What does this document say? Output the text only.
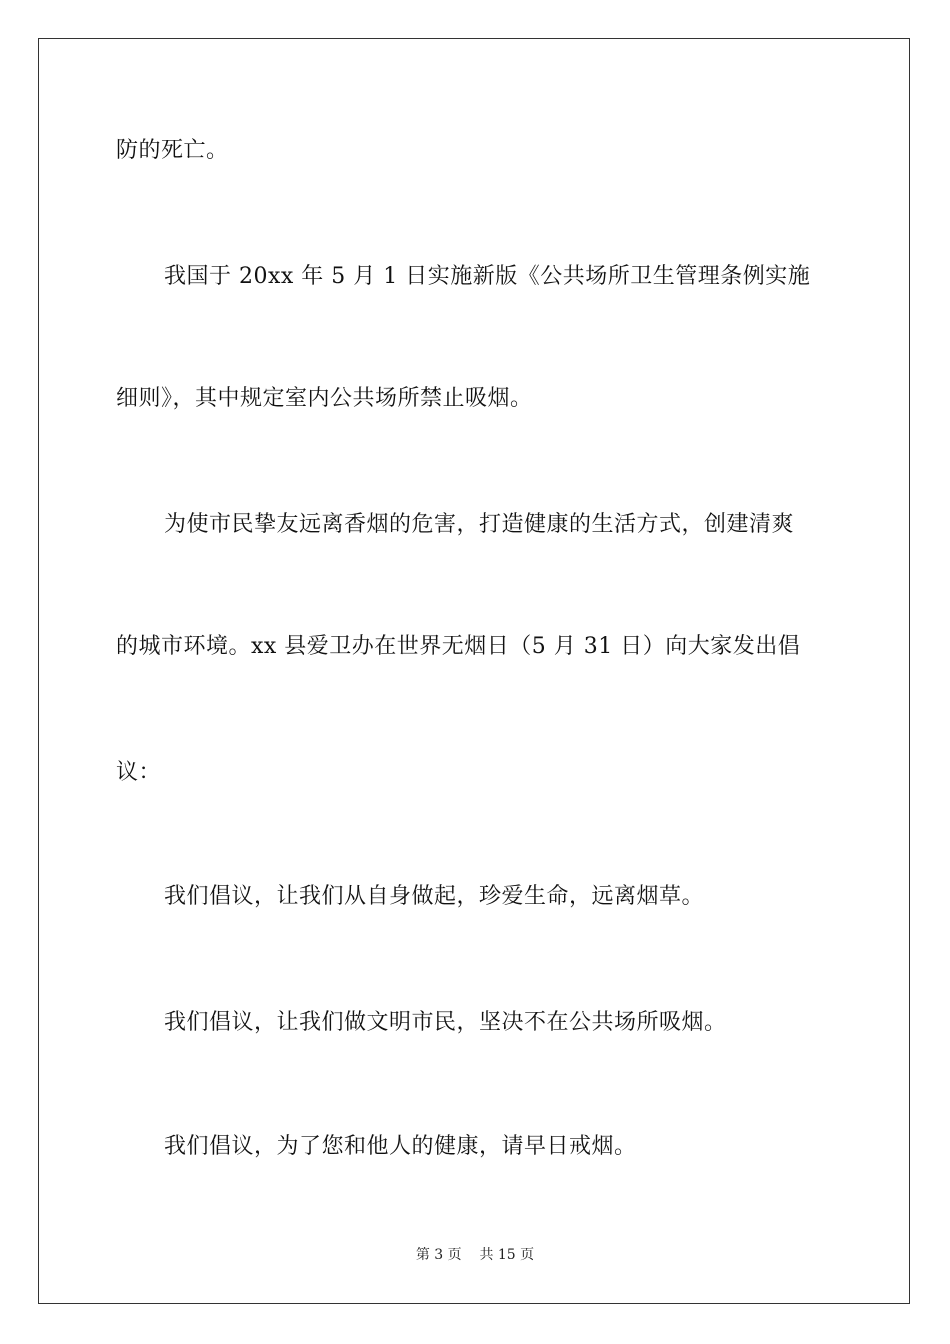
防的死亡。
我国于 20xx 年 5 月 1 日实施新版《公共场所卫生管理条例实施
细则》，其中规定室内公共场所禁止吸烟。
为使市民挚友远离香烟的危害，打造健康的生活方式，创建清爽
的城市环境。xx 县爱卫办在世界无烟日（5 月 31 日）向大家发出倡
议：
我们倡议，让我们从自身做起，珍爱生命，远离烟草。
我们倡议，让我们做文明市民，坚决不在公共场所吸烟。
我们倡议，为了您和他人的健康，请早日戒烟。
第 3 页 共 15 页
